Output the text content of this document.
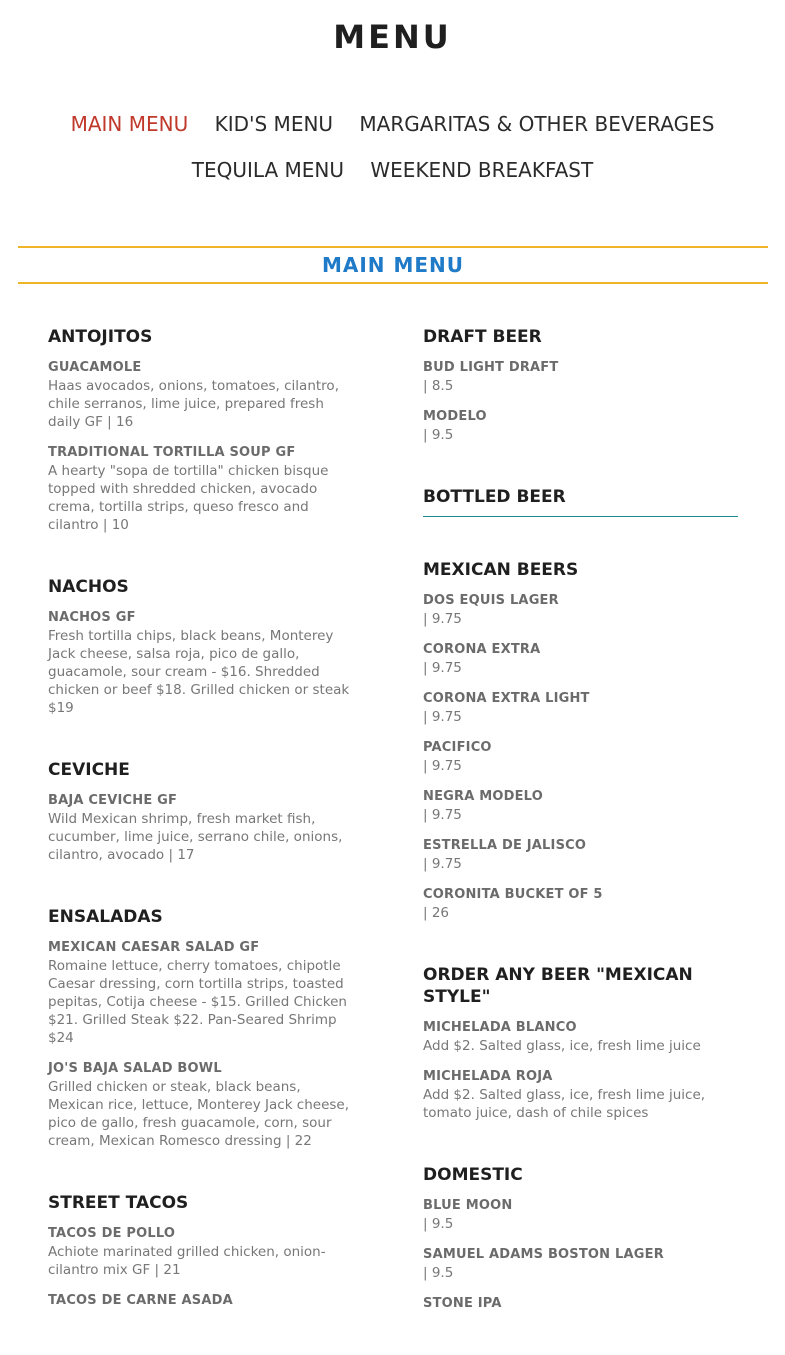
MENU
MAIN MENU KID'S MENU MARGARITAS & OTHER BEVERAGES
TEQUILA MENU WEEKEND BREAKFAST
MAIN MENU
ANTOJITOS
GUACAMOLE
Haas avocados, onions, tomatoes, cilantro, chile serranos, lime juice, prepared fresh daily GF | 16
TRADITIONAL TORTILLA SOUP GF
A hearty "sopa de tortilla" chicken bisque topped with shredded chicken, avocado crema, tortilla strips, queso fresco and cilantro | 10
NACHOS
NACHOS GF
Fresh tortilla chips, black beans, Monterey Jack cheese, salsa roja, pico de gallo, guacamole, sour cream - $16. Shredded chicken or beef $18. Grilled chicken or steak $19
CEVICHE
BAJA CEVICHE GF
Wild Mexican shrimp, fresh market fish, cucumber, lime juice, serrano chile, onions, cilantro, avocado | 17
ENSALADAS
MEXICAN CAESAR SALAD GF
Romaine lettuce, cherry tomatoes, chipotle Caesar dressing, corn tortilla strips, toasted pepitas, Cotija cheese - $15. Grilled Chicken $21. Grilled Steak $22. Pan-Seared Shrimp $24
JO'S BAJA SALAD BOWL
Grilled chicken or steak, black beans, Mexican rice, lettuce, Monterey Jack cheese, pico de gallo, fresh guacamole, corn, sour cream, Mexican Romesco dressing | 22
STREET TACOS
TACOS DE POLLO
Achiote marinated grilled chicken, onion-cilantro mix GF | 21
TACOS DE CARNE ASADA
DRAFT BEER
BUD LIGHT DRAFT
| 8.5
MODELO
| 9.5
BOTTLED BEER
MEXICAN BEERS
DOS EQUIS LAGER
| 9.75
CORONA EXTRA
| 9.75
CORONA EXTRA LIGHT
| 9.75
PACIFICO
| 9.75
NEGRA MODELO
| 9.75
ESTRELLA DE JALISCO
| 9.75
CORONITA BUCKET OF 5
| 26
ORDER ANY BEER "MEXICAN STYLE"
MICHELADA BLANCO
Add $2. Salted glass, ice, fresh lime juice
MICHELADA ROJA
Add $2. Salted glass, ice, fresh lime juice, tomato juice, dash of chile spices
DOMESTIC
BLUE MOON
| 9.5
SAMUEL ADAMS BOSTON LAGER
| 9.5
STONE IPA
